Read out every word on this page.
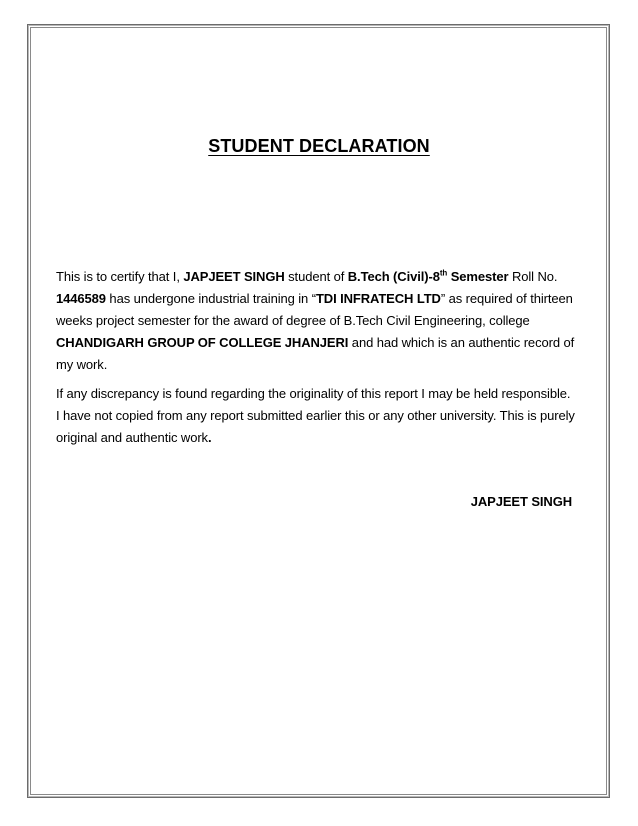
STUDENT DECLARATION

This is to certify that I, JAPJEET SINGH student of B.Tech (Civil)-8th Semester Roll No.
1446589 has undergone industrial training in “TDI INFRATECH LTD” as required of thirteen weeks project semester for the award of degree of B.Tech Civil Engineering, college CHANDIGARH GROUP OF COLLEGE JHANJERI and had which is an authentic record of my work.

If any discrepancy is found regarding the originality of this report I may be held responsible. I have not copied from any report submitted earlier this or any other university. This is purely original and authentic work.

JAPJEET SINGH
